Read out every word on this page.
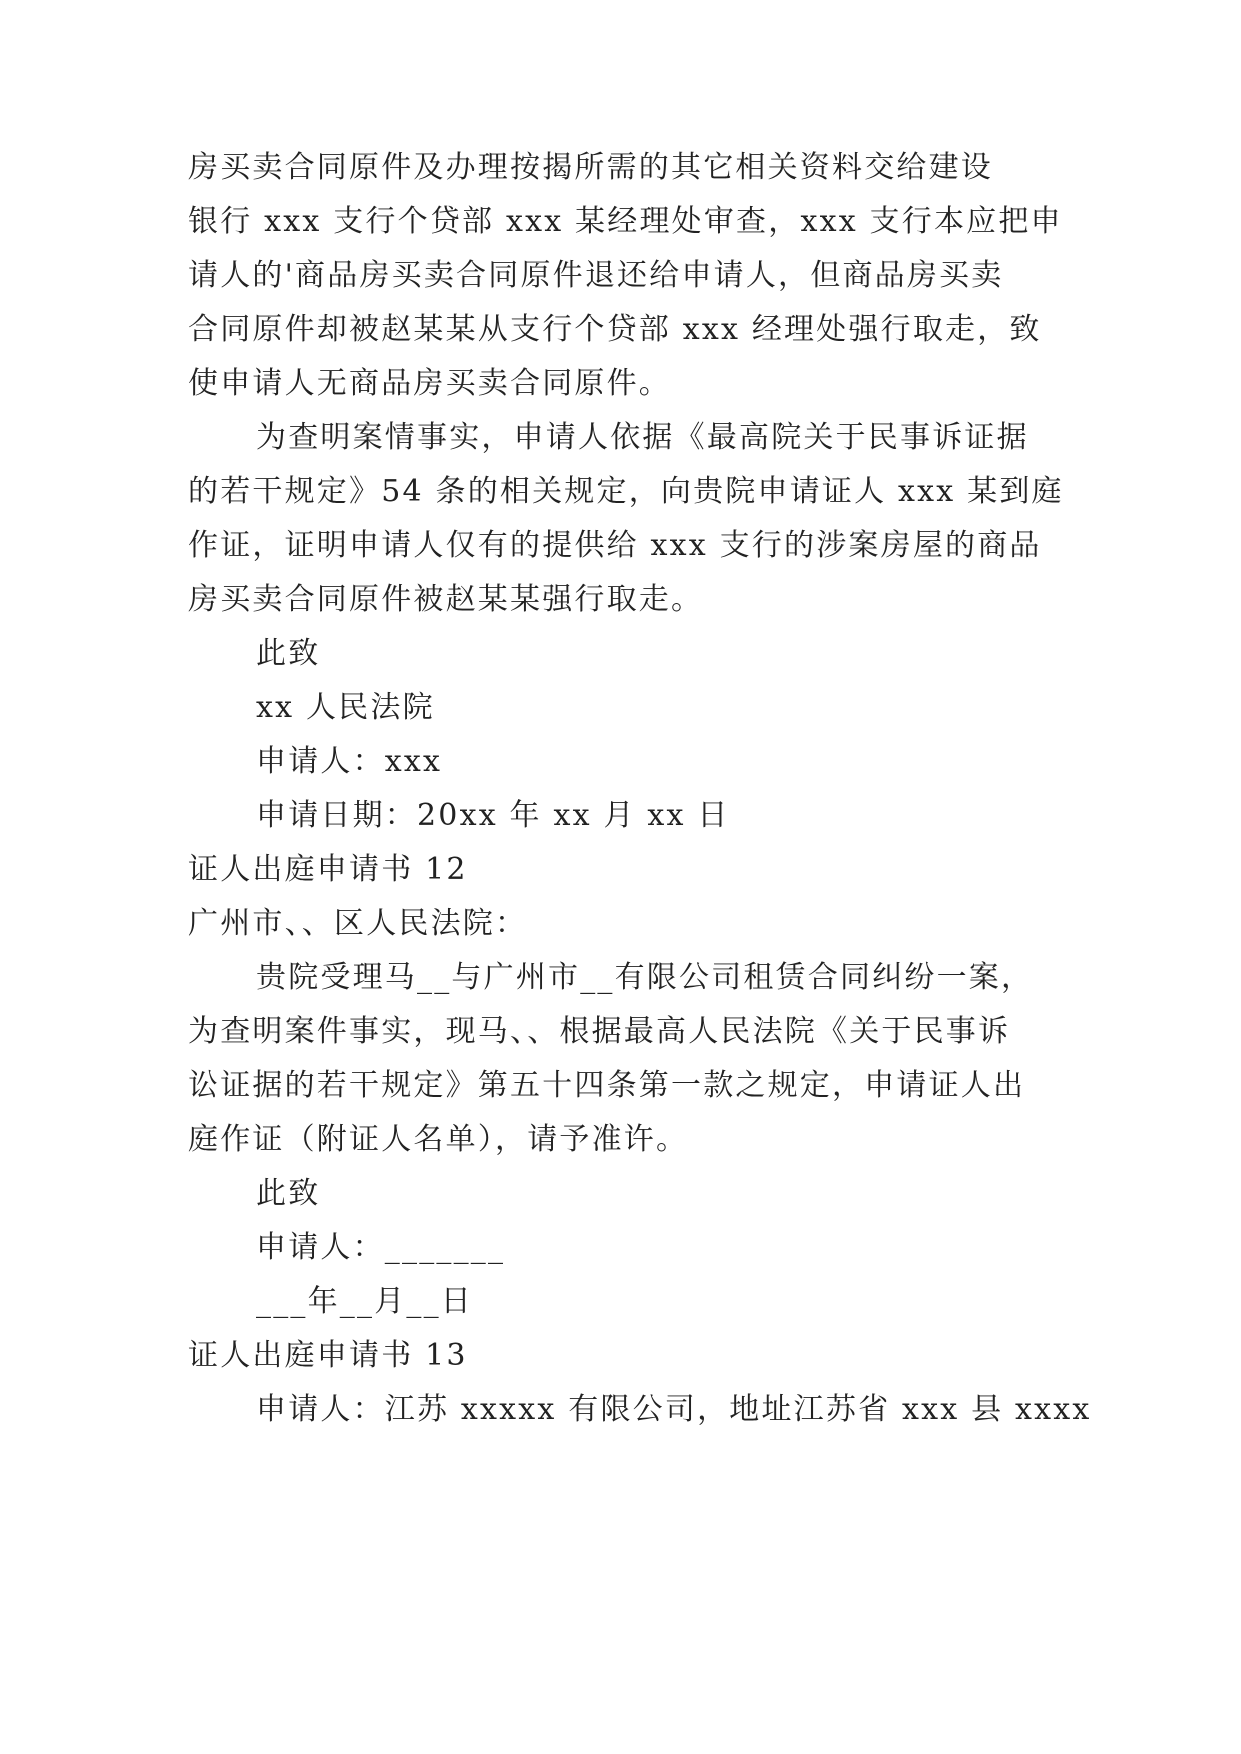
房买卖合同原件及办理按揭所需的其它相关资料交给建设
银行 xxx 支行个贷部 xxx 某经理处审查，xxx 支行本应把申
请人的'商品房买卖合同原件退还给申请人，但商品房买卖
合同原件却被赵某某从支行个贷部 xxx 经理处强行取走，致
使申请人无商品房买卖合同原件。
为查明案情事实，申请人依据《最高院关于民事诉证据
的若干规定》54 条的相关规定，向贵院申请证人 xxx 某到庭
作证，证明申请人仅有的提供给 xxx 支行的涉案房屋的商品
房买卖合同原件被赵某某强行取走。
此致
xx 人民法院
申请人：xxx
申请日期：20xx 年 xx 月 xx 日
证人出庭申请书 12
广州市、、区人民法院：
贵院受理马__与广州市__有限公司租赁合同纠纷一案，
为查明案件事实，现马、、根据最高人民法院《关于民事诉
讼证据的若干规定》第五十四条第一款之规定，申请证人出
庭作证（附证人名单），请予准许。
此致
申请人：_______
___年__月__日
证人出庭申请书 13
申请人：江苏 xxxxx 有限公司，地址江苏省 xxx 县 xxxx
